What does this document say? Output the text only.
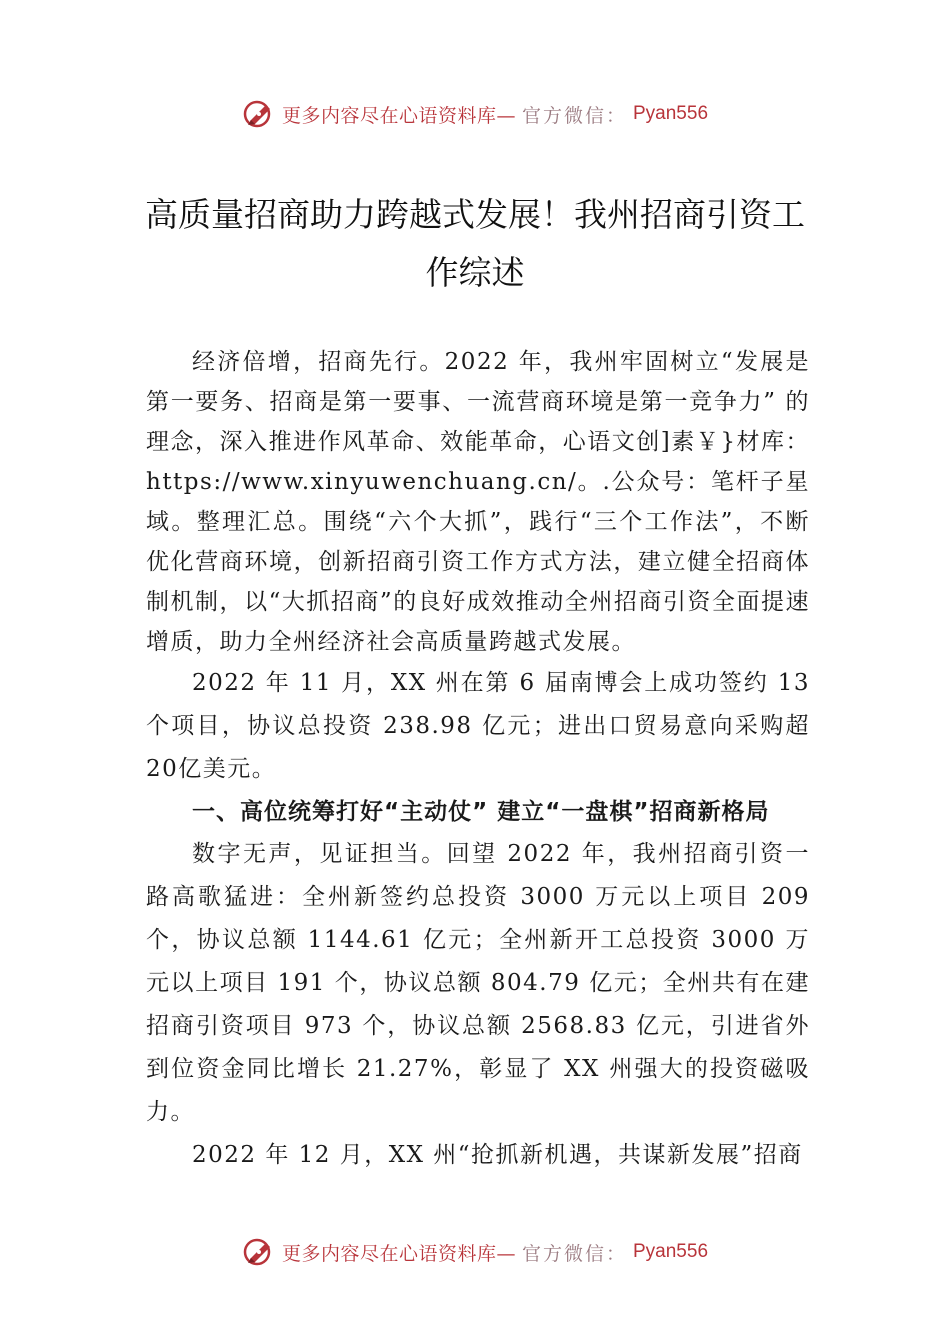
更多内容尽在心语资料库— 官方微信： Pyan556
高质量招商助力跨越式发展！我州招商引资工作综述

经济倍增，招商先行。2022 年，我州牢固树立“发展是第一要务、招商是第一要事、一流营商环境是第一竞争力” 的理念，深入推进作风革命、效能革命，心语文创]素￥}材库：https://www.xinyuwenchuang.cn/。.公众号：笔杆子星域。整理汇总。围绕“六个大抓”，践行“三个工作法”，不断优化营商环境，创新招商引资工作方式方法，建立健全招商体制机制，以“大抓招商”的良好成效推动全州招商引资全面提速增质，助力全州经济社会高质量跨越式发展。

2022 年 11 月，XX 州在第 6 届南博会上成功签约 13 个项目，协议总投资 238.98 亿元；进出口贸易意向采购超 20亿美元。

一、高位统筹打好“主动仗” 建立“一盘棋”招商新格局

数字无声，见证担当。回望 2022 年，我州招商引资一路高歌猛进：全州新签约总投资 3000 万元以上项目 209 个，协议总额 1144.61 亿元；全州新开工总投资 3000 万元以上项目 191 个，协议总额 804.79 亿元；全州共有在建招商引资项目 973 个，协议总额 2568.83 亿元，引进省外到位资金同比增长 21.27%，彰显了 XX 州强大的投资磁吸力。

2022 年 12 月，XX 州“抢抓新机遇，共谋新发展”招商

更多内容尽在心语资料库— 官方微信： Pyan556
